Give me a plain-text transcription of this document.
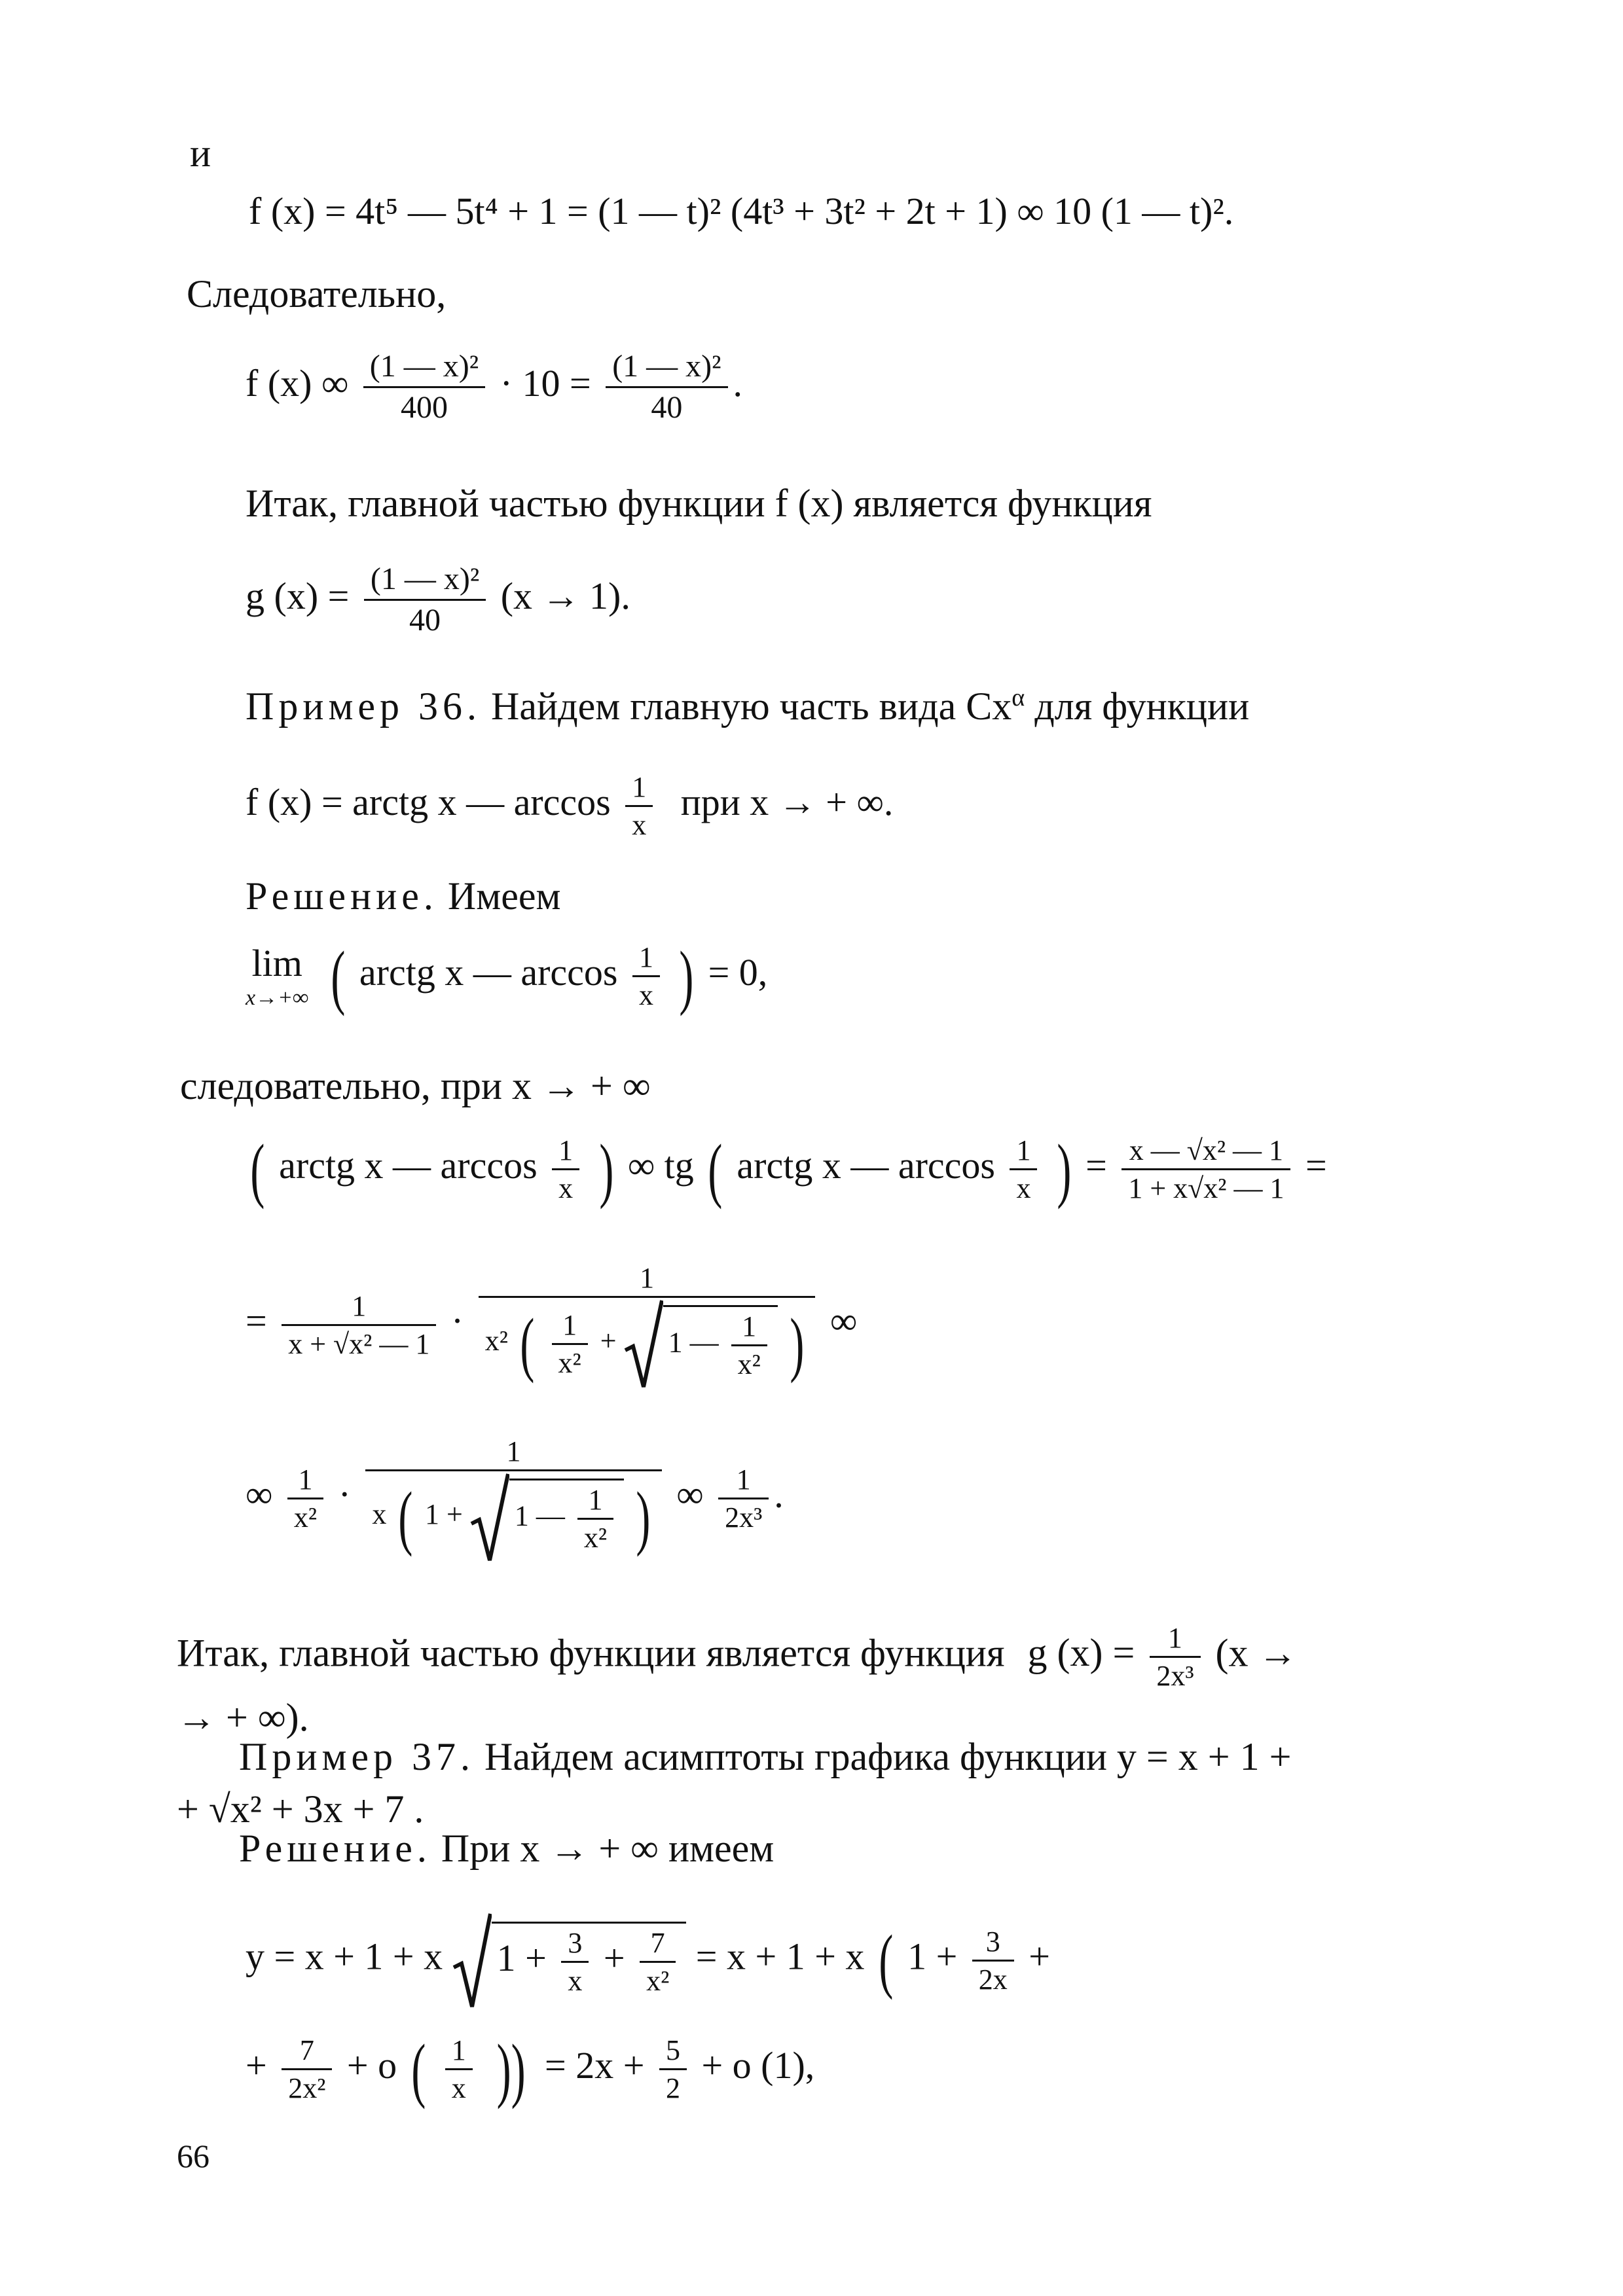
и
f (x) = 4t⁵ — 5t⁴ + 1 = (1 — t)² (4t³ + 3t² + 2t + 1) ∞ 10 (1 — t)².
Следовательно,
f (x) ∞ $\frac{\text{(1 — x)²}}{400} \cdot 10 = \frac{\text{(1 — x)²}}{40}$ .
Итак, главной частью функции f (x) является функция
g $(x) = \frac{\text{(1 — x)²}}{40} (x \to 1)$.
Пример 36. Найдем главную часть вида $Cx^\alpha$ для функции
f (x) = arctg x — $\arccos \frac{1}{x}$ при x → + ∞.
Решение. Имеем
lim
x→+∞ ( arctg x — $\arccos \frac{1}{x}$ ) = 0,
следовательно, при x → + ∞
( arctg x — $\arccos \frac{1}{x}$ ) ∞ tg ( arctg x — $\arccos \frac{1}{x}$ ) = $\frac{\text{x — √x² — 1}}{\text{1 + x√x² — 1}}$ =
= $\frac{1}{\text{x + √x² — 1}}$ ·
1
x² ( $\frac{1}{\text{x²}} + 1$ — $\frac{1}{\text{x²}}$ ) ∞
∞ $\frac{1}{\text{x²}}$ ·
1
x ( 1 + 1 — $\frac{1}{\text{x²}}$ ) ∞ $\frac{1}{\text{2x³}}$ .
Итак, главной частью функции является функция g $(x) = \frac{1}{\text{2x³}} (x$ →
→ + ∞).
Пример 37. Найдем асимптоты графика функции y = x + 1 +
+ √x² + 3x + 7 .
Решение. При x → + ∞ имеем
y = x + 1 + x $1 + \frac{3}{x} + \frac{7}{\text{x²}} = x + 1 + x$ ( $1 + \frac{3}{2x}$ +
+ $\frac{7}{\text{2x²}} + o$ ( $\frac{1}{x}$ )) = $2x + \frac{5}{2} + o$ (1),
66
